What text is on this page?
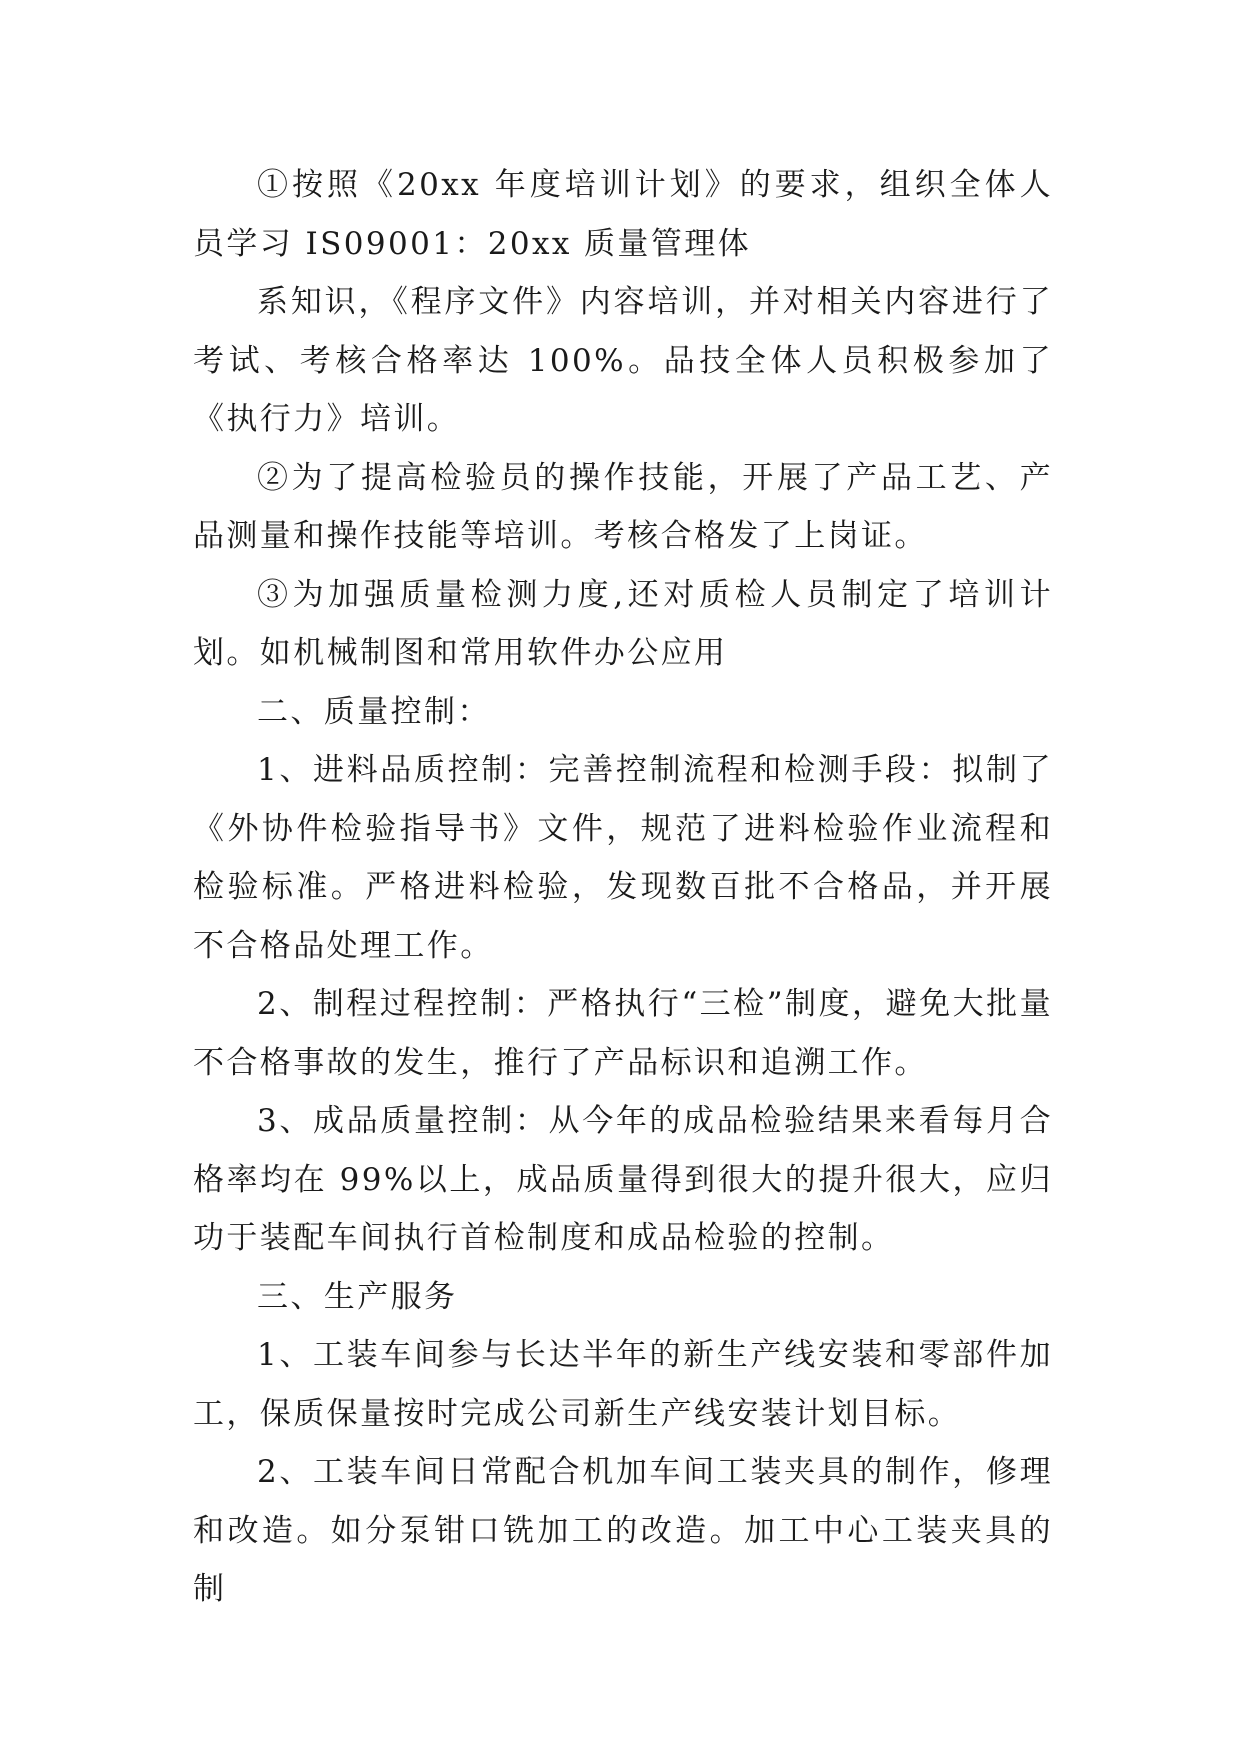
①按照《20xx 年度培训计划》的要求，组织全体人员学习 IS09001：20xx 质量管理体

系知识，《程序文件》内容培训，并对相关内容进行了考试、考核合格率达 100%。品技全体人员积极参加了《执行力》培训。

②为了提高检验员的操作技能，开展了产品工艺、产品测量和操作技能等培训。考核合格发了上岗证。

③为加强质量检测力度,还对质检人员制定了培训计划。如机械制图和常用软件办公应用

二、质量控制：

1、进料品质控制：完善控制流程和检测手段：拟制了《外协件检验指导书》文件，规范了进料检验作业流程和检验标准。严格进料检验，发现数百批不合格品，并开展不合格品处理工作。

2、制程过程控制：严格执行“三检”制度，避免大批量不合格事故的发生，推行了产品标识和追溯工作。

3、成品质量控制：从今年的成品检验结果来看每月合格率均在 99%以上，成品质量得到很大的提升很大，应归功于装配车间执行首检制度和成品检验的控制。

三、生产服务

1、工装车间参与长达半年的新生产线安装和零部件加工，保质保量按时完成公司新生产线安装计划目标。

2、工装车间日常配合机加车间工装夹具的制作，修理和改造。如分泵钳口铣加工的改造。加工中心工装夹具的制
